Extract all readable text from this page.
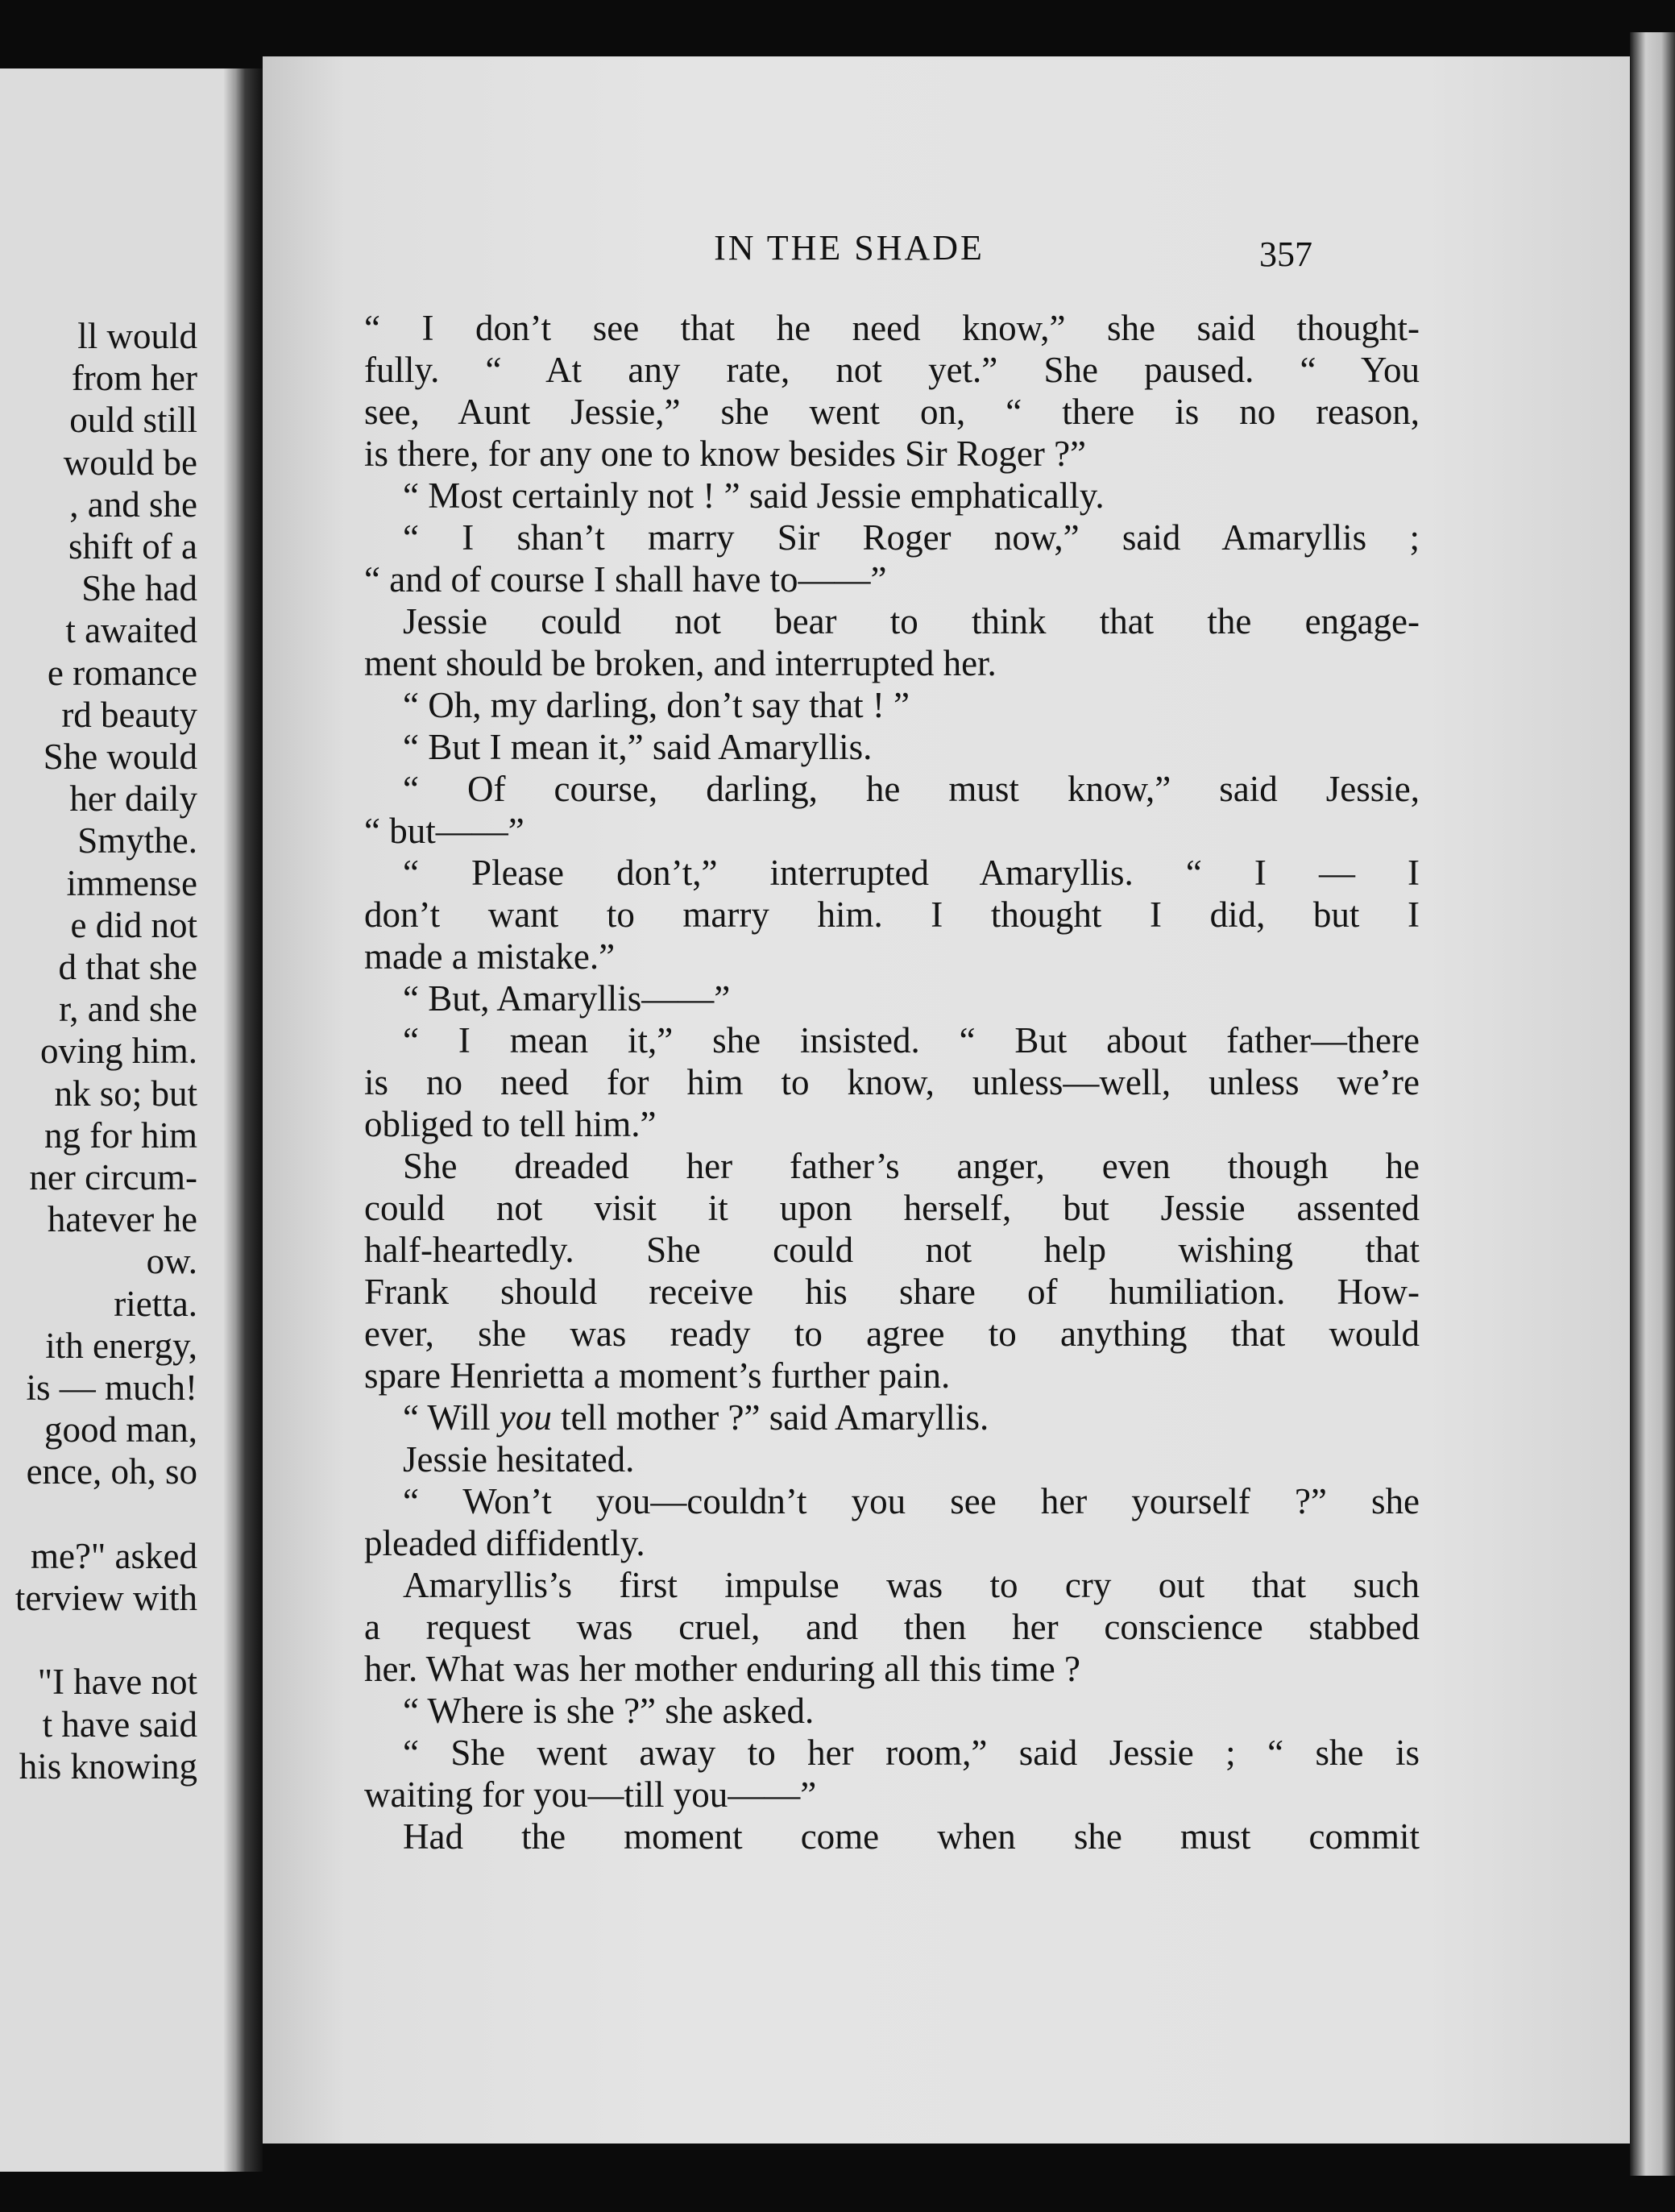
ll would
from her
ould still
would be
, and she
shift of a
She had
t awaited
e romance
rd beauty
She would
her daily
Smythe.
immense
e did not
d that she
r, and she
oving him.
nk so; but
ng for him
ner circum-
hatever he
ow.
rietta.
ith energy,
is — much!
good man,
ence, oh, so
me?" asked
terview with
"I have not
t have said
his knowing
IN THE SHADE	357
“ I don’t see that he need know,” she said thought-
fully. “ At any rate, not yet.” She paused. “ You
see, Aunt Jessie,” she went on, “ there is no reason,
is there, for any one to know besides Sir Roger ?”
“ Most certainly not ! ” said Jessie emphatically.
“ I shan’t marry Sir Roger now,” said Amaryllis ;
“ and of course I shall have to——”
Jessie could not bear to think that the engage-
ment should be broken, and interrupted her.
“ Oh, my darling, don’t say that ! ”
“ But I mean it,” said Amaryllis.
“ Of course, darling, he must know,” said Jessie,
“ but——”
“ Please don’t,” interrupted Amaryllis. “ I — I
don’t want to marry him. I thought I did, but I
made a mistake.”
“ But, Amaryllis——”
“ I mean it,” she insisted. “ But about father—there
is no need for him to know, unless—well, unless we’re
obliged to tell him.”
She dreaded her father’s anger, even though he
could not visit it upon herself, but Jessie assented
half-heartedly. She could not help wishing that
Frank should receive his share of humiliation. How-
ever, she was ready to agree to anything that would
spare Henrietta a moment’s further pain.
“ Will you tell mother ?” said Amaryllis.
Jessie hesitated.
“ Won’t you—couldn’t you see her yourself ?” she
pleaded diffidently.
Amaryllis’s first impulse was to cry out that such
a request was cruel, and then her conscience stabbed
her. What was her mother enduring all this time ?
“ Where is she ?” she asked.
“ She went away to her room,” said Jessie ; “ she is
waiting for you—till you——”
Had the moment come when she must commit
